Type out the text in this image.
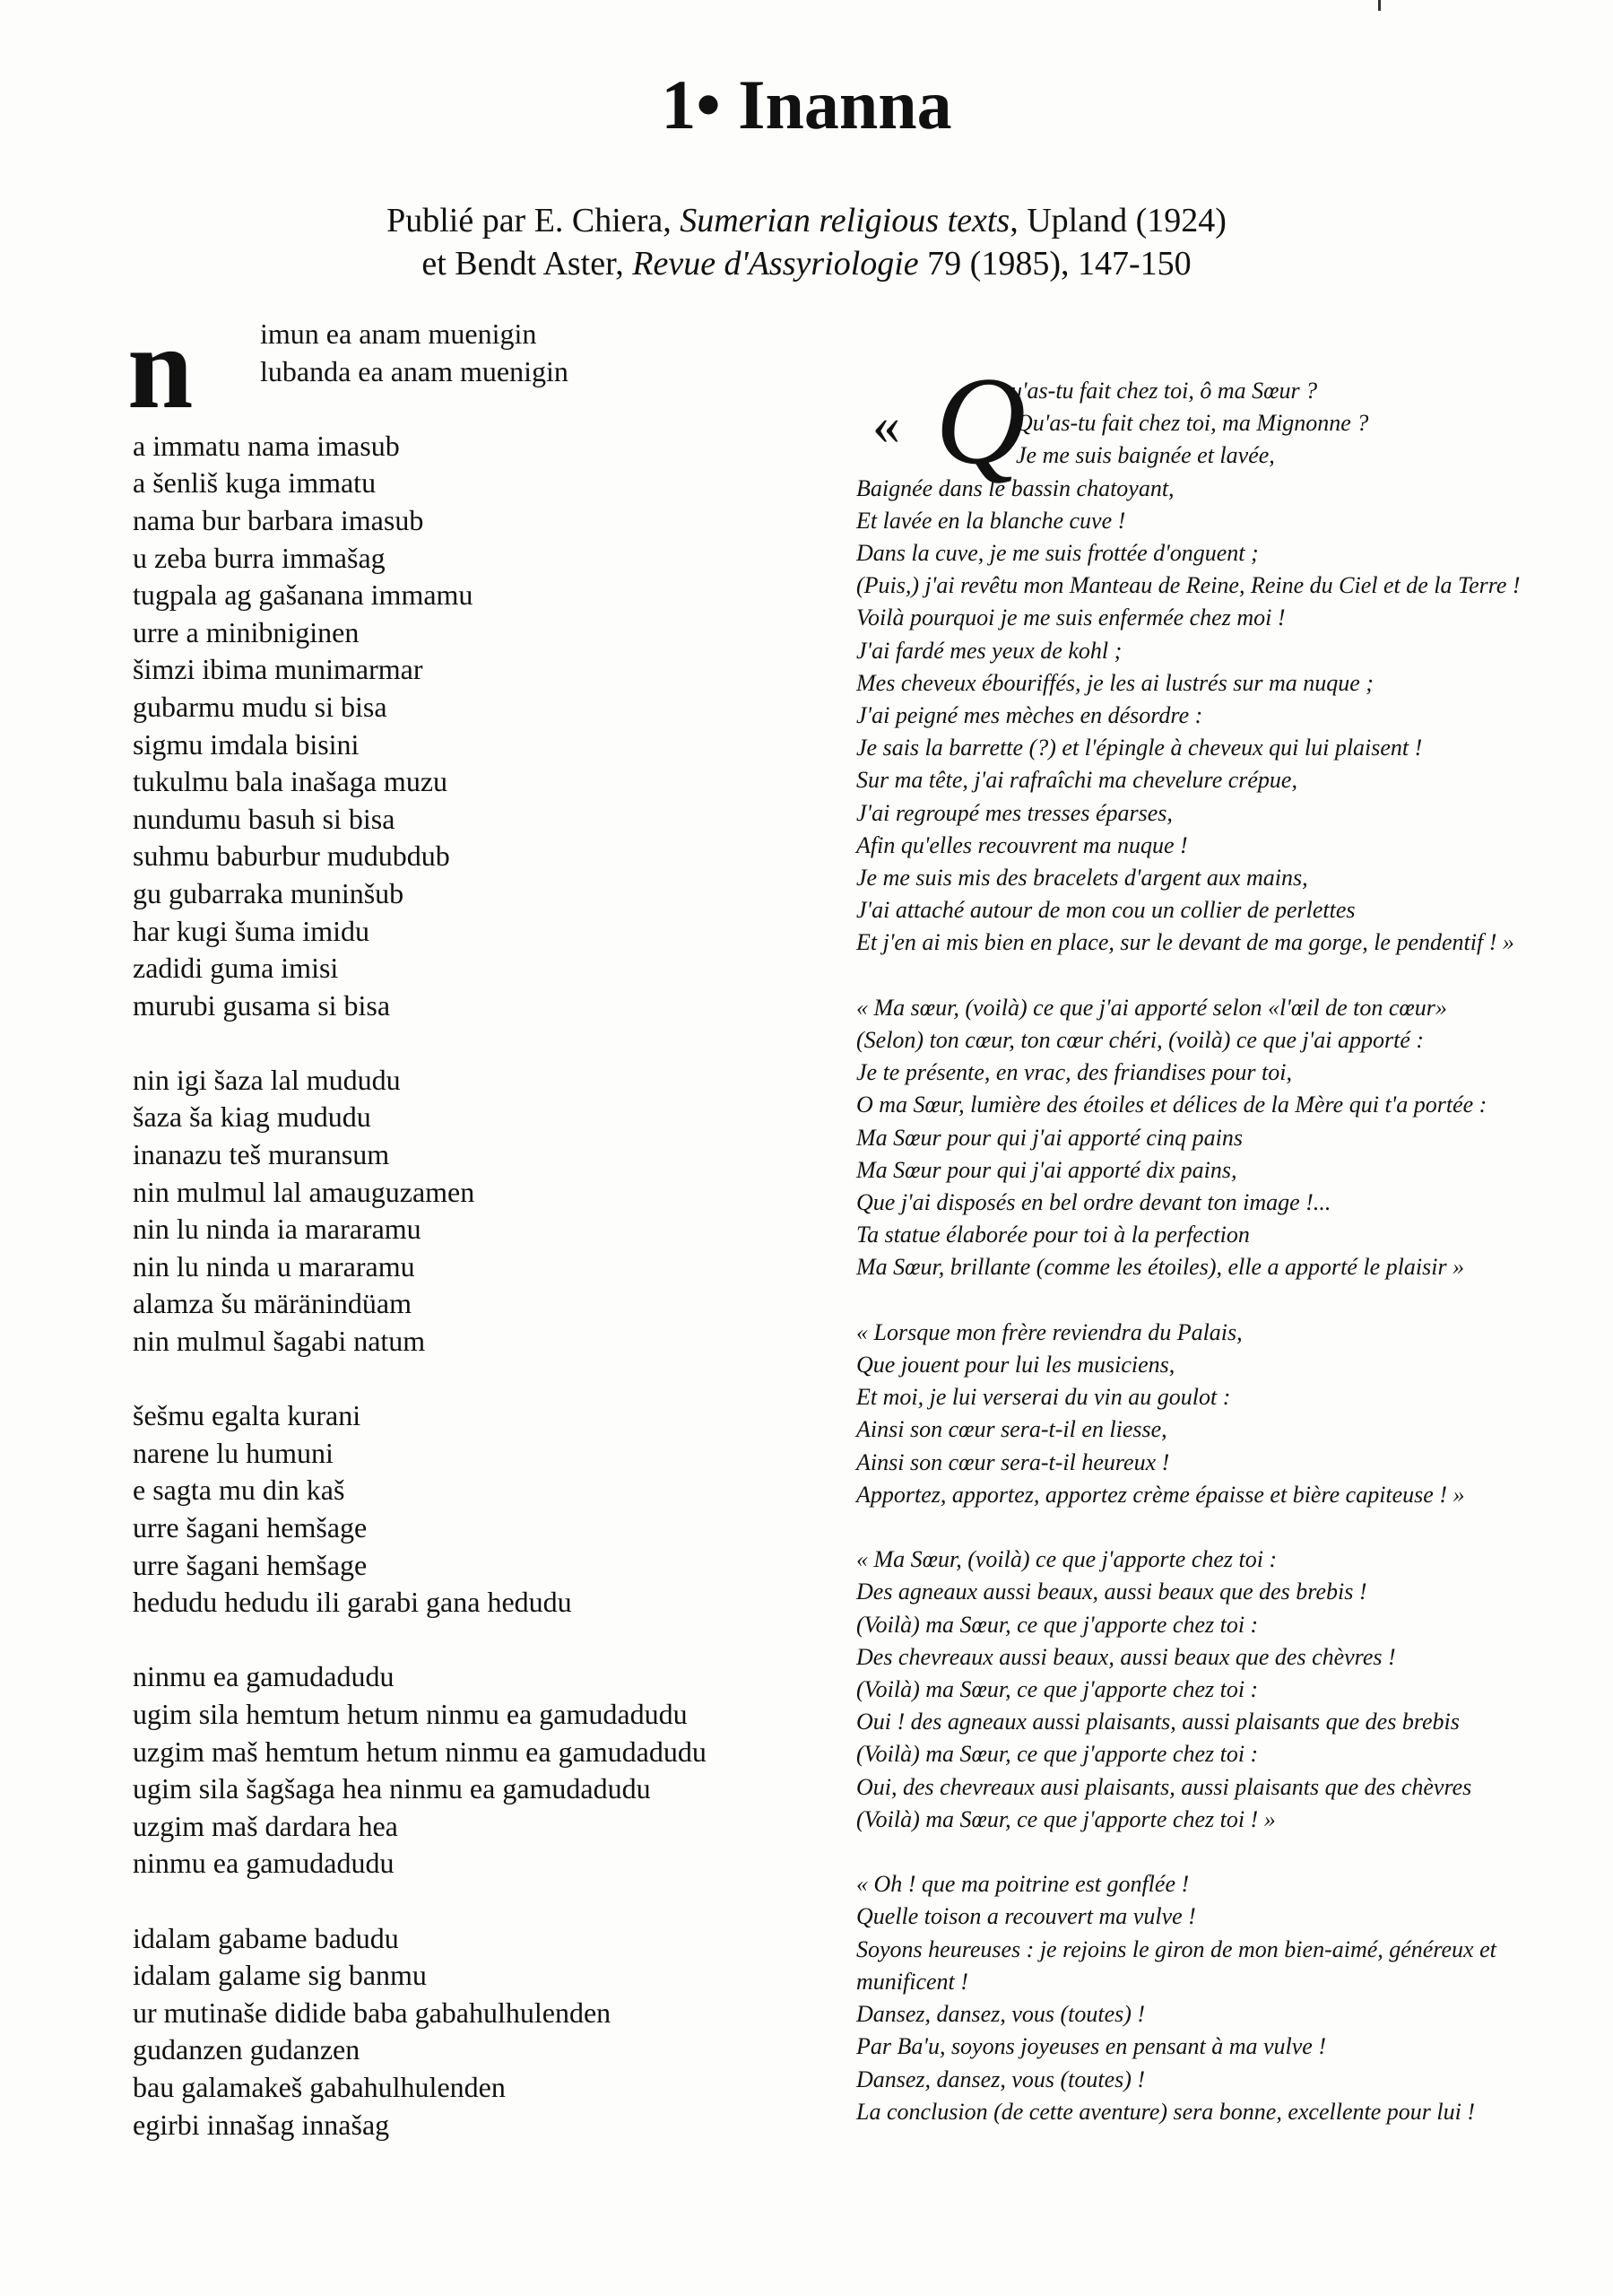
1• Inanna
Publié par E. Chiera, Sumerian religious texts, Upland (1924)
et Bendt Aster, Revue d'Assyriologie 79 (1985), 147-150
n	imun ea anam muenigin
lubanda ea anam muenigin
a immatu nama imasub
a šenliš kuga immatu
nama bur barbara imasub
u zeba burra immašag
tugpala ag gašanana immamu
urre a minibniginen
šimzi ibima munimarmar
gubarmu mudu si bisa
sigmu imdala bisini
tukulmu bala inašaga muzu
nundumu basuh si bisa
suhmu baburbur mudubdub
gu gubarraka muninšub
har kugi šuma imidu
zadidi guma imisi
murubi gusama si bisa
nin igi šaza lal mududu
šaza ša kiag mududu
inanazu teš muransum
nin mulmul lal amauguzamen
nin lu ninda ia mararamu
nin lu ninda u mararamu
alamza šu märänindüam
nin mulmul šagabi natum
šešmu egalta kurani
narene lu humuni
e sagta mu din kaš
urre šagani hemšage
urre šagani hemšage
hedudu hedudu ili garabi gana hedudu
ninmu ea gamudadudu
ugim sila hemtum hetum ninmu ea gamudadudu
uzgim maš hemtum hetum ninmu ea gamudadudu
ugim sila šagšaga hea ninmu ea gamudadudu
uzgim maš dardara hea
ninmu ea gamudadudu
idalam gabame badudu
idalam galame sig banmu
ur mutinaše didide baba gabahulhulenden
gudanzen gudanzen
bau galamakeš gabahulhulenden
egirbi innašag innašag
« Q
u'as-tu fait chez toi, ô ma Sœur ?
Qu'as-tu fait chez toi, ma Mignonne ?
Je me suis baignée et lavée,
Baignée dans le bassin chatoyant,
Et lavée en la blanche cuve !
Dans la cuve, je me suis frottée d'onguent ;
(Puis,) j'ai revêtu mon Manteau de Reine, Reine du Ciel et de la Terre !
Voilà pourquoi je me suis enfermée chez moi !
J'ai fardé mes yeux de kohl ;
Mes cheveux ébouriffés, je les ai lustrés sur ma nuque ;
J'ai peigné mes mèches en désordre :
Je sais la barrette (?) et l'épingle à cheveux qui lui plaisent !
Sur ma tête, j'ai rafraîchi ma chevelure crépue,
J'ai regroupé mes tresses éparses,
Afin qu'elles recouvrent ma nuque !
Je me suis mis des bracelets d'argent aux mains,
J'ai attaché autour de mon cou un collier de perlettes
Et j'en ai mis bien en place, sur le devant de ma gorge, le pendentif ! »
« Ma sœur, (voilà) ce que j'ai apporté selon «l'œil de ton cœur»
(Selon) ton cœur, ton cœur chéri, (voilà) ce que j'ai apporté :
Je te présente, en vrac, des friandises pour toi,
O ma Sœur, lumière des étoiles et délices de la Mère qui t'a portée :
Ma Sœur pour qui j'ai apporté cinq pains
Ma Sœur pour qui j'ai apporté dix pains,
Que j'ai disposés en bel ordre devant ton image !...
Ta statue élaborée pour toi à la perfection
Ma Sœur, brillante (comme les étoiles), elle a apporté le plaisir »
« Lorsque mon frère reviendra du Palais,
Que jouent pour lui les musiciens,
Et moi, je lui verserai du vin au goulot :
Ainsi son cœur sera-t-il en liesse,
Ainsi son cœur sera-t-il heureux !
Apportez, apportez, apportez crème épaisse et bière capiteuse ! »
« Ma Sœur, (voilà) ce que j'apporte chez toi :
Des agneaux aussi beaux, aussi beaux que des brebis !
(Voilà) ma Sœur, ce que j'apporte chez toi :
Des chevreaux aussi beaux, aussi beaux que des chèvres !
(Voilà) ma Sœur, ce que j'apporte chez toi :
Oui ! des agneaux aussi plaisants, aussi plaisants que des brebis
(Voilà) ma Sœur, ce que j'apporte chez toi :
Oui, des chevreaux ausi plaisants, aussi plaisants que des chèvres
(Voilà) ma Sœur, ce que j'apporte chez toi ! »
« Oh ! que ma poitrine est gonflée !
Quelle toison a recouvert ma vulve !
Soyons heureuses : je rejoins le giron de mon bien-aimé, généreux et munificent !
Dansez, dansez, vous (toutes) !
Par Ba'u, soyons joyeuses en pensant à ma vulve !
Dansez, dansez, vous (toutes) !
La conclusion (de cette aventure) sera bonne, excellente pour lui !
